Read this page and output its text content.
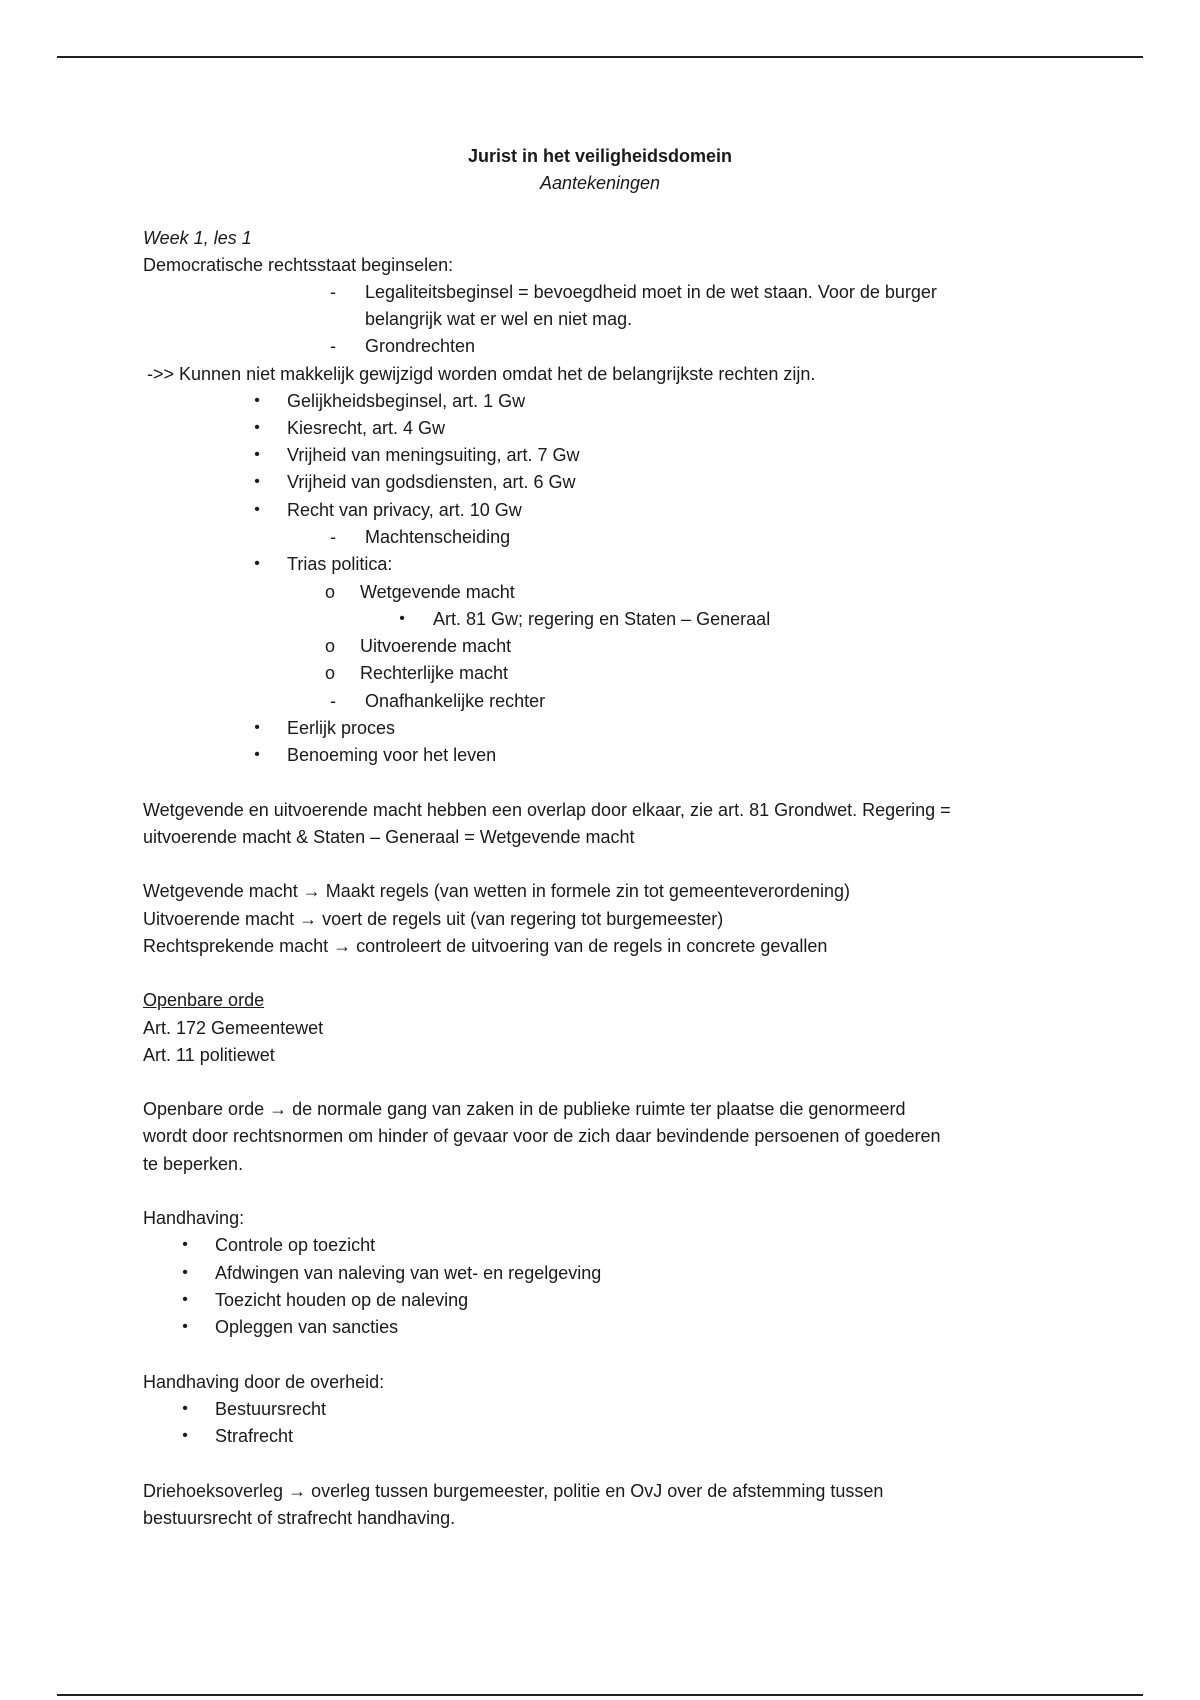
Jurist in het veiligheidsdomein
Aantekeningen
Week 1, les 1
Democratische rechtsstaat beginselen:
-	Legaliteitsbeginsel = bevoegdheid moet in de wet staan. Voor de burger
belangrijk wat er wel en niet mag.
-	Grondrechten
->> Kunnen niet makkelijk gewijzigd worden omdat het de belangrijkste rechten zijn.
•	Gelijkheidsbeginsel, art. 1 Gw
•	Kiesrecht, art. 4 Gw
•	Vrijheid van meningsuiting, art. 7 Gw
•	Vrijheid van godsdiensten, art. 6 Gw
•	Recht van privacy, art. 10 Gw
-	Machtenscheiding
•	Trias politica:
o Wetgevende macht
•	Art. 81 Gw; regering en Staten – Generaal
o Uitvoerende macht
o Rechterlijke macht
-	Onafhankelijke rechter
•	Eerlijk proces
•	Benoeming voor het leven
Wetgevende en uitvoerende macht hebben een overlap door elkaar, zie art. 81 Grondwet. Regering =
uitvoerende macht & Staten – Generaal = Wetgevende macht
Wetgevende macht → Maakt regels (van wetten in formele zin tot gemeenteverordening)
Uitvoerende macht → voert de regels uit (van regering tot burgemeester)
Rechtsprekende macht → controleert de uitvoering van de regels in concrete gevallen
Openbare orde
Art. 172 Gemeentewet
Art. 11 politiewet
Openbare orde → de normale gang van zaken in de publieke ruimte ter plaatse die genormeerd
wordt door rechtsnormen om hinder of gevaar voor de zich daar bevindende persoenen of goederen
te beperken.
Handhaving:
•	Controle op toezicht
•	Afdwingen van naleving van wet- en regelgeving
•	Toezicht houden op de naleving
•	Opleggen van sancties
Handhaving door de overheid:
•	Bestuursrecht
•	Strafrecht
Driehoeksoverleg → overleg tussen burgemeester, politie en OvJ over de afstemming tussen
bestuursrecht of strafrecht handhaving.
